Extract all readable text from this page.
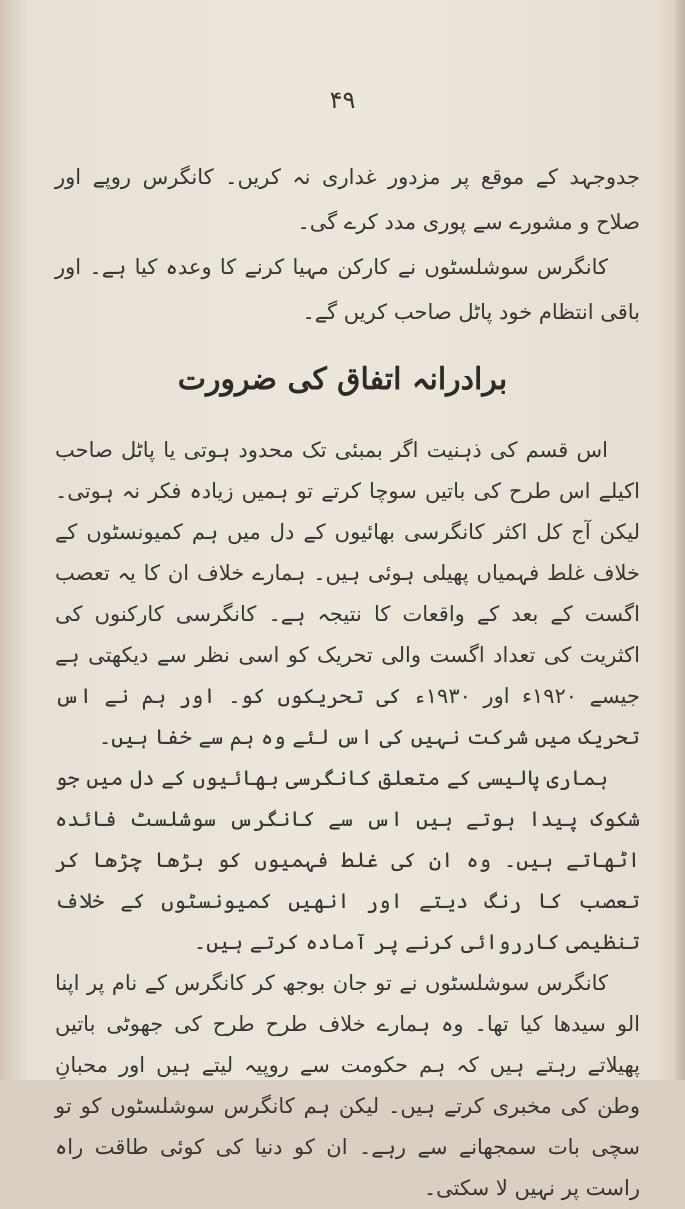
۴۹

جدوجہد کے موقع پر مزدور غداری نہ کریں۔ کانگرس روپے اور صلاح و مشورے سے پوری مدد کرے گی۔

کانگرس سوشلسٹوں نے کارکن مہیا کرنے کا وعدہ کیا ہے۔ اور باقی انتظام خود پاٹل صاحب کریں گے۔

برادرانہ اتفاق کی ضرورت

اس قسم کی ذہنیت اگر بمبئی تک محدود ہوتی یا پاٹل صاحب اکیلے اس طرح کی باتیں سوچا کرتے تو ہمیں زیادہ فکر نہ ہوتی۔ لیکن آج کل اکثر کانگرسی بھائیوں کے دل میں ہم کمیونسٹوں کے خلاف غلط فہمیاں پھیلی ہوئی ہیں۔ ہمارے خلاف ان کا یہ تعصب اگست کے بعد کے واقعات کا نتیجہ ہے۔ کانگرسی کارکنوں کی اکثریت کی تعداد اگست والی تحریک کو اسی نظر سے دیکھتی ہے جیسے ۱۹۲۰ء اور ۱۹۳۰ء کی تحریکوں کو۔ اور ہم نے اس تحریک میں شرکت نہیں کی اس لئے وہ ہم سے خفا ہیں۔

ہماری پالیسی کے متعلق کانگرسی بھائیوں کے دل میں جو شکوک پیدا ہوتے ہیں اس سے کانگرس سوشلسٹ فائدہ اٹھاتے ہیں۔ وہ ان کی غلط فہمیوں کو بڑھا چڑھا کر تعصب کا رنگ دیتے اور انھیں کمیونسٹوں کے خلاف تنظیمی کارروائی کرنے پر آمادہ کرتے ہیں۔

کانگرس سوشلسٹوں نے تو جان بوجھ کر کانگرس کے نام پر اپنا الو سیدھا کیا تھا۔ وہ ہمارے خلاف طرح طرح کی جھوٹی باتیں پھیلاتے رہتے ہیں کہ ہم حکومت سے روپیہ لیتے ہیں اور محبانِ وطن کی مخبری کرتے ہیں۔ لیکن ہم کانگرس سوشلسٹوں کو تو سچی بات سمجھانے سے رہے۔ ان کو دنیا کی کوئی طاقت راہ راست پر نہیں لا سکتی۔
